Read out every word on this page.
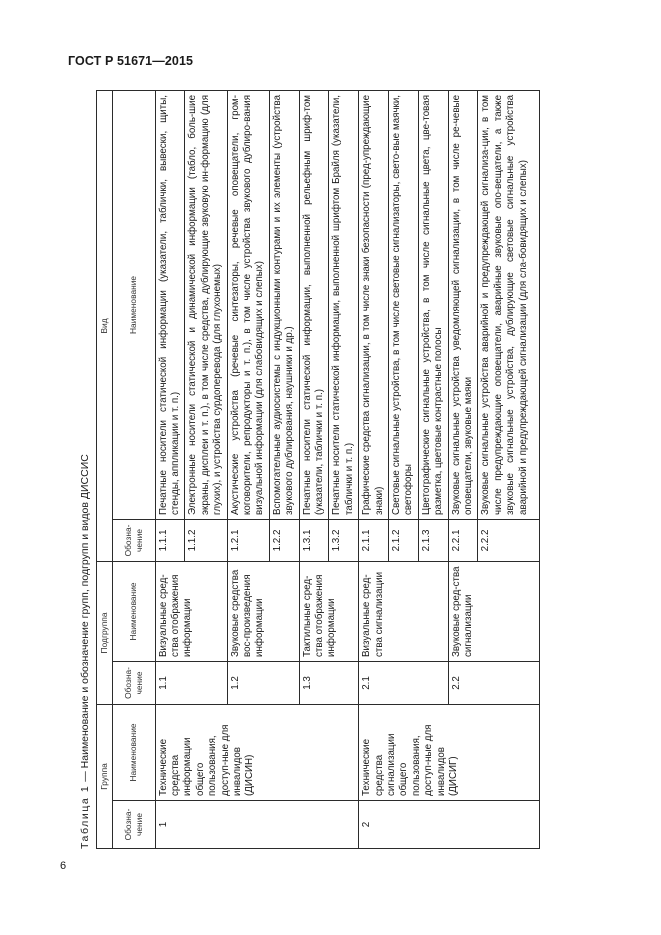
ГОСТ Р 51671—2015
Таблица 1 — Наименование и обозначение групп, подгрупп и видов ДИССИС Группа		Подгруппа		Вид	
Обозна-чение	Наименование	Обозна-чение	Наименование	Обозна-чение	Наименование
1	Технические средства информации общего пользования, доступ-ные для инвалидов (ДИСИН)	1.1	Визуальные сред-ства отображения информации	1.1.1	Печатные носители статической информации (указатели, таблички, вывески, щиты, стенды, аппликации и т. п.)
				1.1.2	Электронные носители статической и динамической информации (табло, боль-шие экраны, дисплеи и т. п.), в том числе средства, дублирующие звуковую ин-формацию (для глухих), и устройства сурдоперевода (для глухонемых)
		1.2	Звуковые средства вос-произведения информации	1.2.1	Акустические устройства (речевые синтезаторы, речевые оповещатели, гром-коговорители, репродукторы и т. п.), в том числе устройства звукового дублиро-вания визуальной информации (для слабовидящих и слепых)
				1.2.2	Вспомогательные аудиосистемы с индукционными контурами и их элементы (устройства звукового дублирования, наушники и др.)
		1.3	Тактильные сред-ства отображения информации	1.3.1	Печатные носители статической информации, выполненной рельефным шриф-том (указатели, таблички и т. п.)
				1.3.2	Печатные носители статической информации, выполненной шрифтом Брайля (указатели, таблички и т. п.)
2	Технические средства сигнализации общего пользования, доступ-ные для инвалидов (ДИСИГ)	2.1	Визуальные сред-ства сигнализации	2.1.1	Графические средства сигнализации, в том числе знаки безопасности (пред-упреждающие знаки)
				2.1.2	Световые сигнальные устройства, в том числе световые сигнализаторы, свето-вые маячки, светофоры
				2.1.3	Цветографические сигнальные устройства, в том числе сигнальные цвета, цве-товая разметка, цветовые контрастные полосы
		2.2	Звуковые сред-ства сигнализации	2.2.1	Звуковые сигнальные устройства уведомляющей сигнализации, в том числе ре-чевые оповещатели, звуковые маяки
				2.2.2	Звуковые сигнальные устройства аварийной и предупреждающей сигнализа-ции, в том числе предупреждающие оповещатели, аварийные звуковые опо-вещатели, а также звуковые сигнальные устройства, дублирующие световые сигнальные устройства аварийной и предупреждающей сигнализации (для сла-бовидящих и слепых)
6
